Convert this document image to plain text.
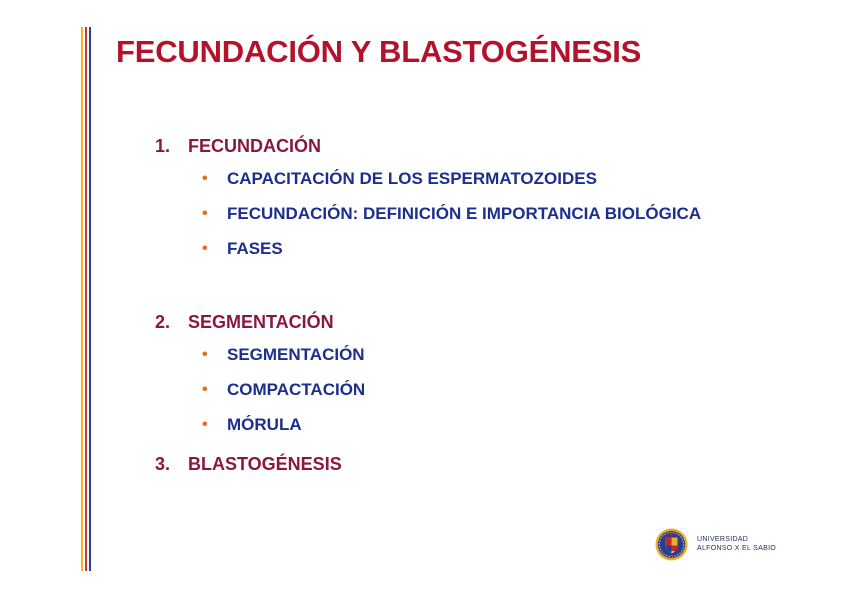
FECUNDACIÓN Y BLASTOGÉNESIS
1. FECUNDACIÓN
• CAPACITACIÓN DE LOS ESPERMATOZOIDES
• FECUNDACIÓN: DEFINICIÓN E IMPORTANCIA BIOLÓGICA
• FASES
2. SEGMENTACIÓN
• SEGMENTACIÓN
• COMPACTACIÓN
• MÓRULA
3. BLASTOGÉNESIS
UNIVERSIDAD
ALFONSO X EL SABIO
